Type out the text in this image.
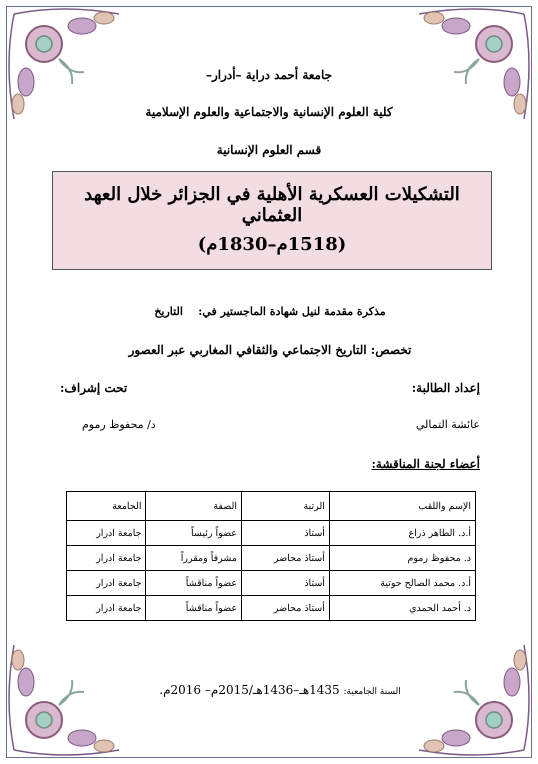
جامعة أحمد دراية –أدرار–
كلية العلوم الإنسانية والاجتماعية والعلوم الإسلامية
قسم العلوم الإنسانية
التشكيلات العسكرية الأهلية في الجزائر خلال العهد العثماني
(1518م–1830م)
مذكرة مقدمة لنيل شهادة الماجستير في:    التاريخ
تخصص: التاريخ الاجتماعي والثقافي المغاربي عبر العصور
إعداد الطالبة:
تحت إشراف:
عائشة التمالي
د/ محفوظ رموم
أعضاء لجنة المناقشة:
الإسم واللقب	الرتبة	الصفة	الجامعة
أ.د. الطاهر ذراع	أستاذ	عضواً رئيساً	جامعة ادرار
د. محفوظ رموم	أستاذ محاضر	مشرفاً ومقرراً	جامعة ادرار
أ.د. محمد الصالح حوتية	أستاذ	عضواً مناقشاً	جامعة ادرار
د. أحمد الحمدي	أستاذ محاضر	عضواً مناقشاً	جامعة ادرار
السنة الجامعية: 1435هـ–1436هـ/2015م– 2016م.
